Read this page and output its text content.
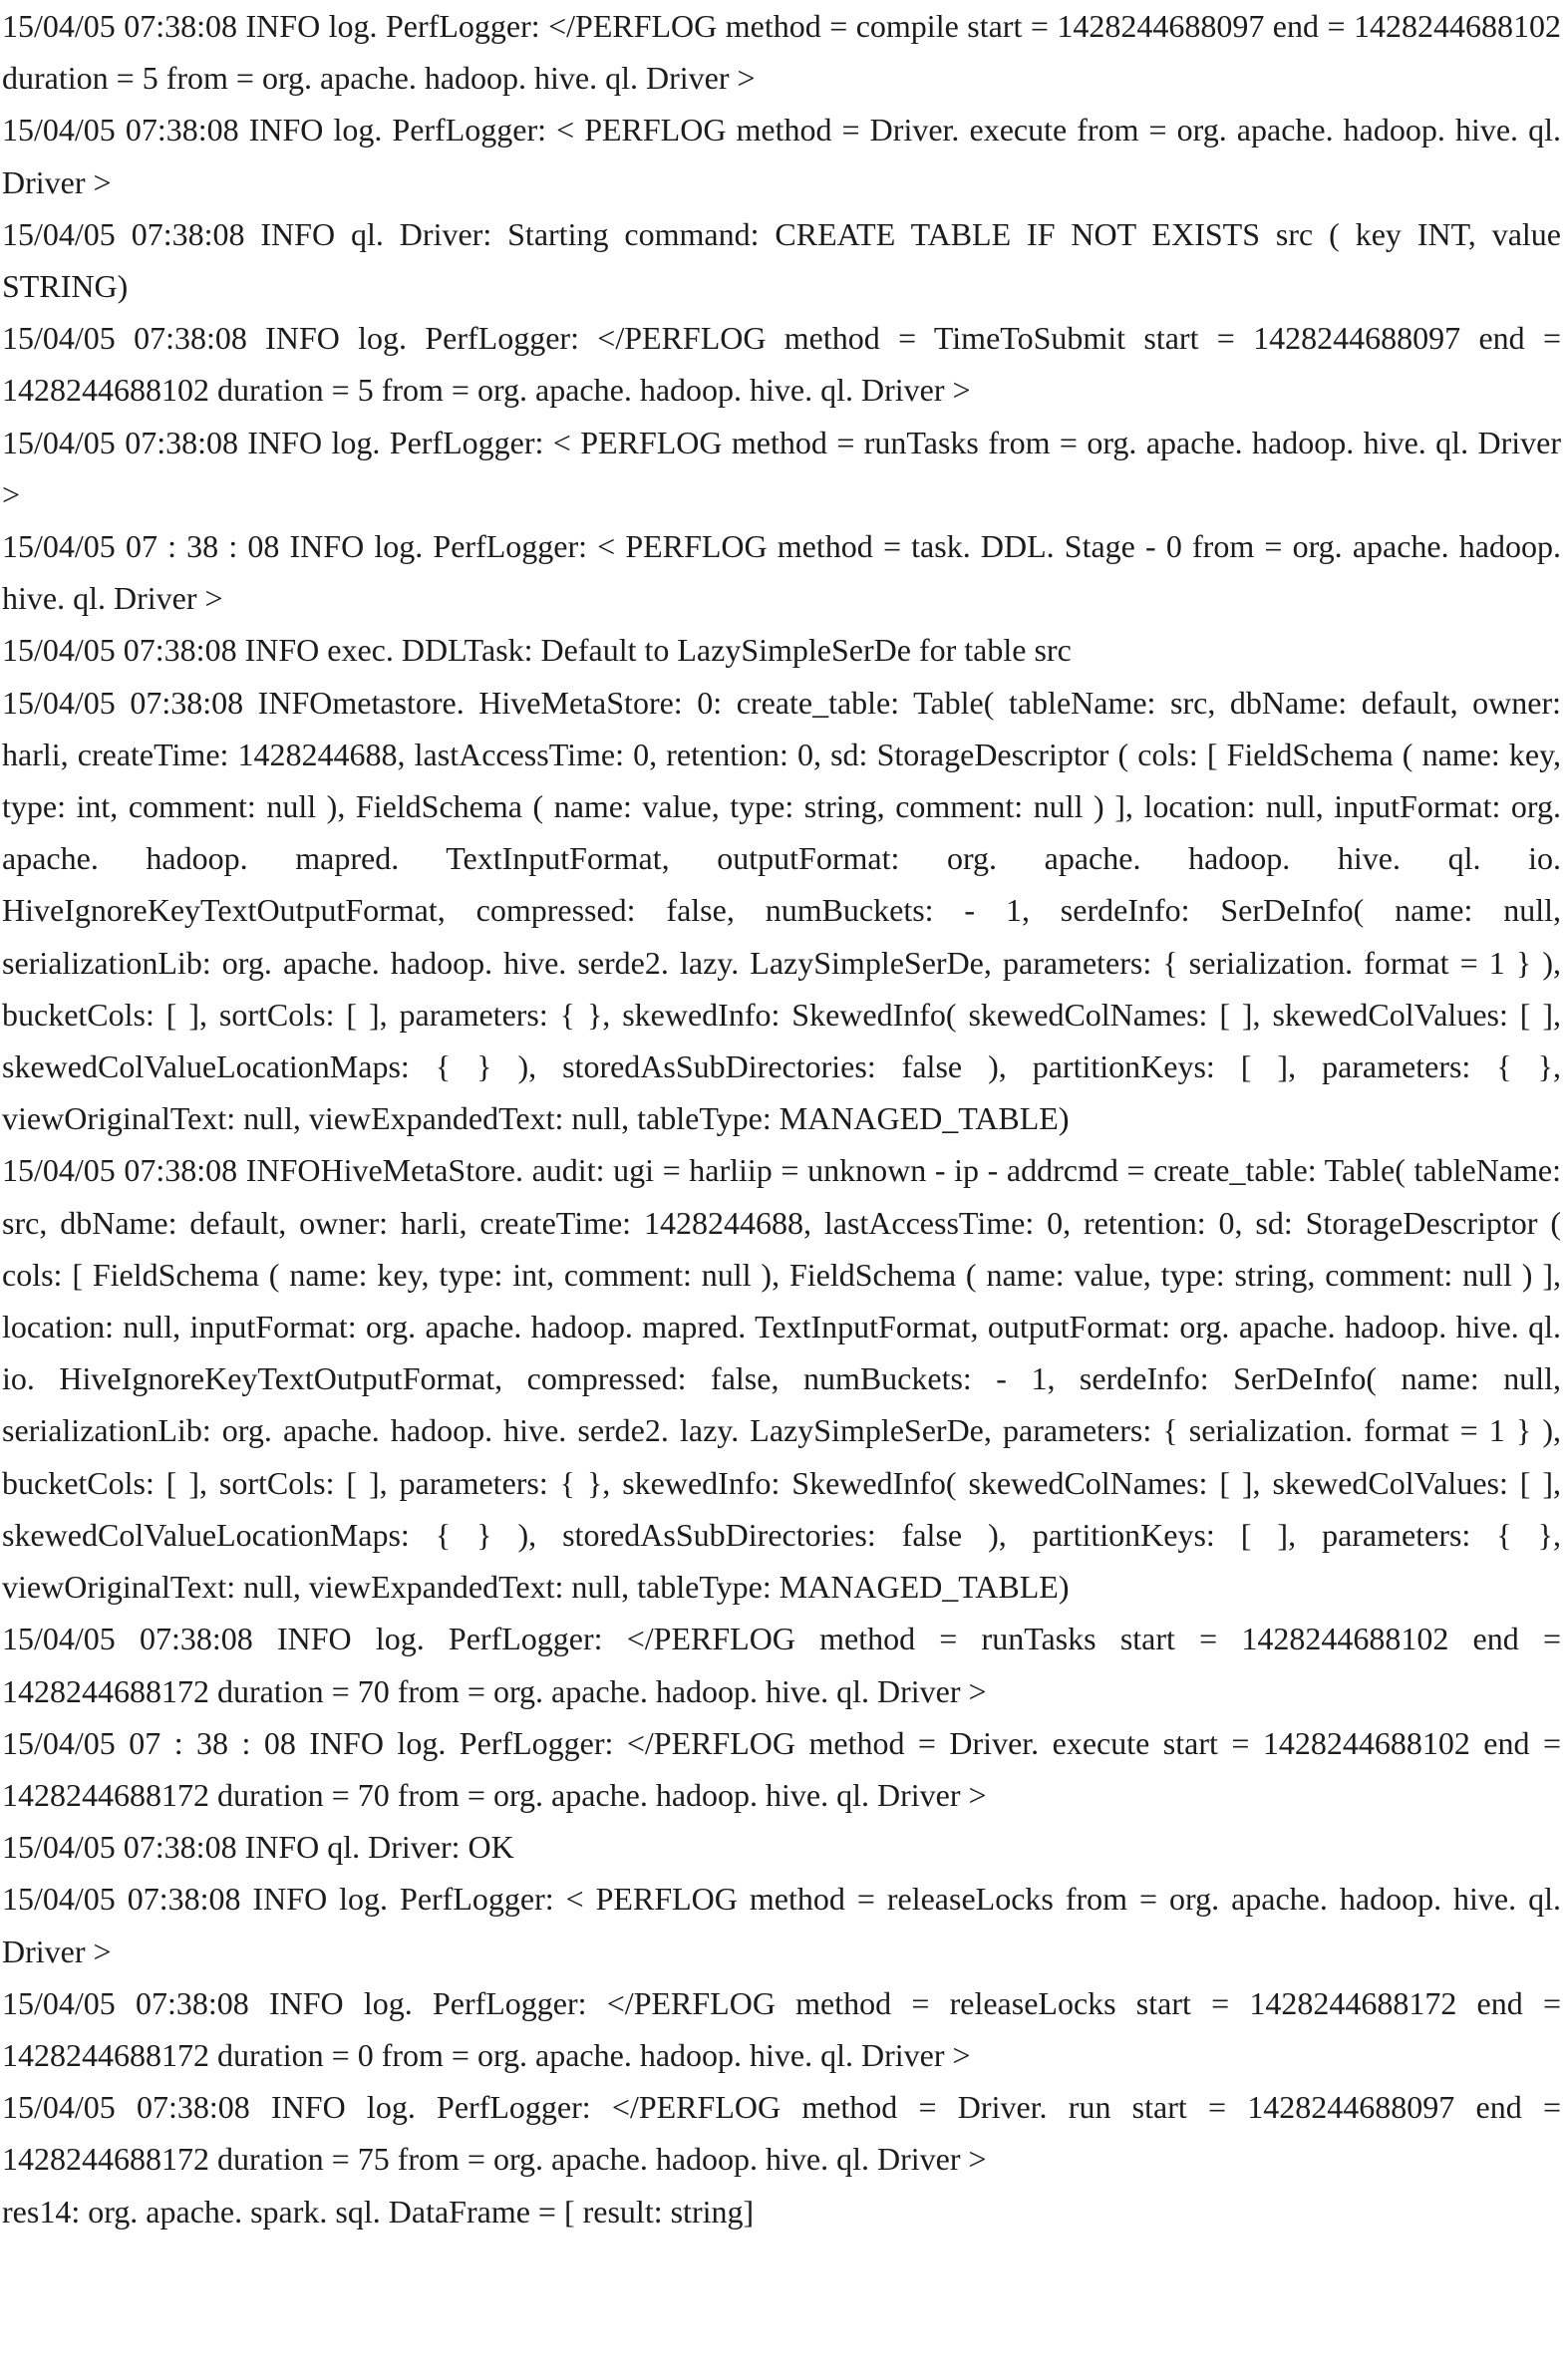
15/04/05 07:38:08 INFO log. PerfLogger: </PERFLOG method = compile start = 1428244688097 end = 1428244688102 duration = 5 from = org. apache. hadoop. hive. ql. Driver >

15/04/05 07:38:08 INFO log. PerfLogger: < PERFLOG method = Driver. execute from = org. apache. hadoop. hive. ql. Driver >

15/04/05 07:38:08 INFO ql. Driver: Starting command: CREATE TABLE IF NOT EXISTS src ( key INT, value STRING)

15/04/05 07:38:08 INFO log. PerfLogger: </PERFLOG method = TimeToSubmit start = 1428244688097 end = 1428244688102 duration = 5 from = org. apache. hadoop. hive. ql. Driver >

15/04/05 07:38:08 INFO log. PerfLogger: < PERFLOG method = runTasks from = org. apache. hadoop. hive. ql. Driver >

15/04/05 07 : 38 : 08 INFO log. PerfLogger: < PERFLOG method = task. DDL. Stage - 0 from = org. apache. hadoop. hive. ql. Driver >

15/04/05 07:38:08 INFO exec. DDLTask: Default to LazySimpleSerDe for table src

15/04/05 07:38:08 INFOmetastore. HiveMetaStore: 0: create_table: Table( tableName: src, dbName: default, owner: harli, createTime: 1428244688, lastAccessTime: 0, retention: 0, sd: StorageDescriptor ( cols: [ FieldSchema ( name: key, type: int, comment: null ), FieldSchema ( name: value, type: string, comment: null ) ], location: null, inputFormat: org. apache. hadoop. mapred. TextInputFormat, outputFormat: org. apache. hadoop. hive. ql. io. HiveIgnoreKeyTextOutputFormat, compressed: false, numBuckets: - 1, serdeInfo: SerDeInfo( name: null, serializationLib: org. apache. hadoop. hive. serde2. lazy. LazySimpleSerDe, parameters: { serialization. format = 1 } ), bucketCols: [ ], sortCols: [ ], parameters: { }, skewedInfo: SkewedInfo( skewedColNames: [ ], skewedColValues: [ ], skewedColValueLocationMaps: { } ), storedAsSubDirectories: false ), partitionKeys: [ ], parameters: { }, viewOriginalText: null, viewExpandedText: null, tableType: MANAGED_TABLE)

15/04/05 07:38:08 INFOHiveMetaStore. audit: ugi = harliip = unknown - ip - addrcmd = create_table: Table( tableName: src, dbName: default, owner: harli, createTime: 1428244688, lastAccessTime: 0, retention: 0, sd: StorageDescriptor ( cols: [ FieldSchema ( name: key, type: int, comment: null ), FieldSchema ( name: value, type: string, comment: null ) ], location: null, inputFormat: org. apache. hadoop. mapred. TextInputFormat, outputFormat: org. apache. hadoop. hive. ql. io. HiveIgnoreKeyTextOutputFormat, compressed: false, numBuckets: - 1, serdeInfo: SerDeInfo( name: null, serializationLib: org. apache. hadoop. hive. serde2. lazy. LazySimpleSerDe, parameters: { serialization. format = 1 } ), bucketCols: [ ], sortCols: [ ], parameters: { }, skewedInfo: SkewedInfo( skewedColNames: [ ], skewedColValues: [ ], skewedColValueLocationMaps: { } ), storedAsSubDirectories: false ), partitionKeys: [ ], parameters: { }, viewOriginalText: null, viewExpandedText: null, tableType: MANAGED_TABLE)

15/04/05 07:38:08 INFO log. PerfLogger: </PERFLOG method = runTasks start = 1428244688102 end = 1428244688172 duration = 70 from = org. apache. hadoop. hive. ql. Driver >

15/04/05 07 : 38 : 08 INFO log. PerfLogger: </PERFLOG method = Driver. execute start = 1428244688102 end = 1428244688172 duration = 70 from = org. apache. hadoop. hive. ql. Driver >

15/04/05 07:38:08 INFO ql. Driver: OK

15/04/05 07:38:08 INFO log. PerfLogger: < PERFLOG method = releaseLocks from = org. apache. hadoop. hive. ql. Driver >

15/04/05 07:38:08 INFO log. PerfLogger: </PERFLOG method = releaseLocks start = 1428244688172 end = 1428244688172 duration = 0 from = org. apache. hadoop. hive. ql. Driver >

15/04/05 07:38:08 INFO log. PerfLogger: </PERFLOG method = Driver. run start = 1428244688097 end = 1428244688172 duration = 75 from = org. apache. hadoop. hive. ql. Driver >

res14: org. apache. spark. sql. DataFrame = [ result: string]
